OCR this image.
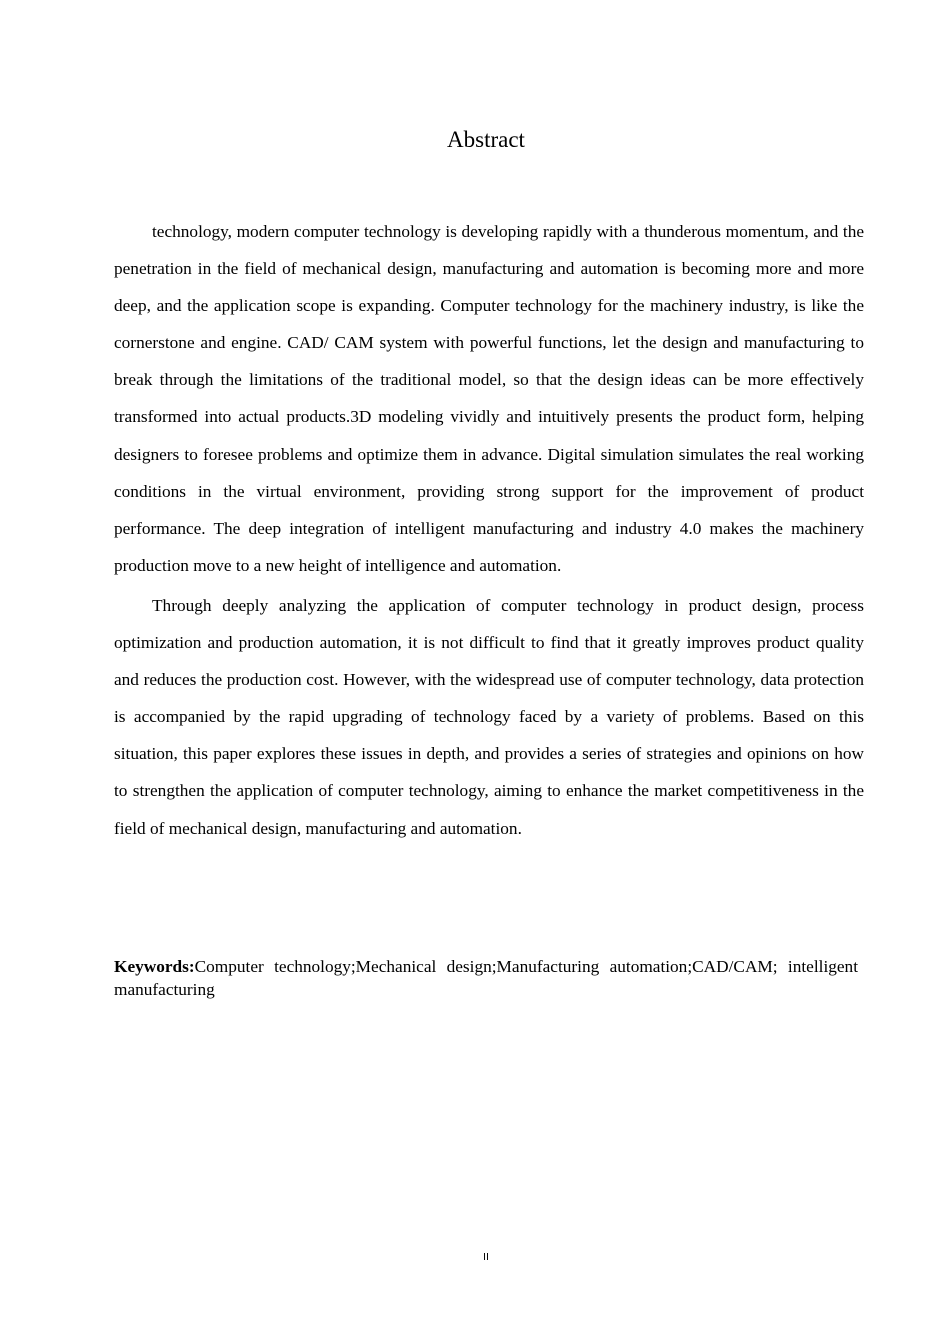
Abstract

technology, modern computer technology is developing rapidly with a thunderous momentum, and the penetration in the field of mechanical design, manufacturing and automation is becoming more and more deep, and the application scope is expanding. Computer technology for the machinery industry, is like the cornerstone and engine. CAD/ CAM system with powerful functions, let the design and manufacturing to break through the limitations of the traditional model, so that the design ideas can be more effectively transformed into actual products.3D modeling vividly and intuitively presents the product form, helping designers to foresee problems and optimize them in advance. Digital simulation simulates the real working conditions in the virtual environment, providing strong support for the improvement of product performance. The deep integration of intelligent manufacturing and industry 4.0 makes the machinery production move to a new height of intelligence and automation.

Through deeply analyzing the application of computer technology in product design, process optimization and production automation, it is not difficult to find that it greatly improves product quality and reduces the production cost. However, with the widespread use of computer technology, data protection is accompanied by the rapid upgrading of technology faced by a variety of problems. Based on this situation, this paper explores these issues in depth, and provides a series of strategies and opinions on how to strengthen the application of computer technology, aiming to enhance the market competitiveness in the field of mechanical design, manufacturing and automation.

Keywords:Computer technology;Mechanical design;Manufacturing automation;CAD/CAM; intelligent manufacturing

II
